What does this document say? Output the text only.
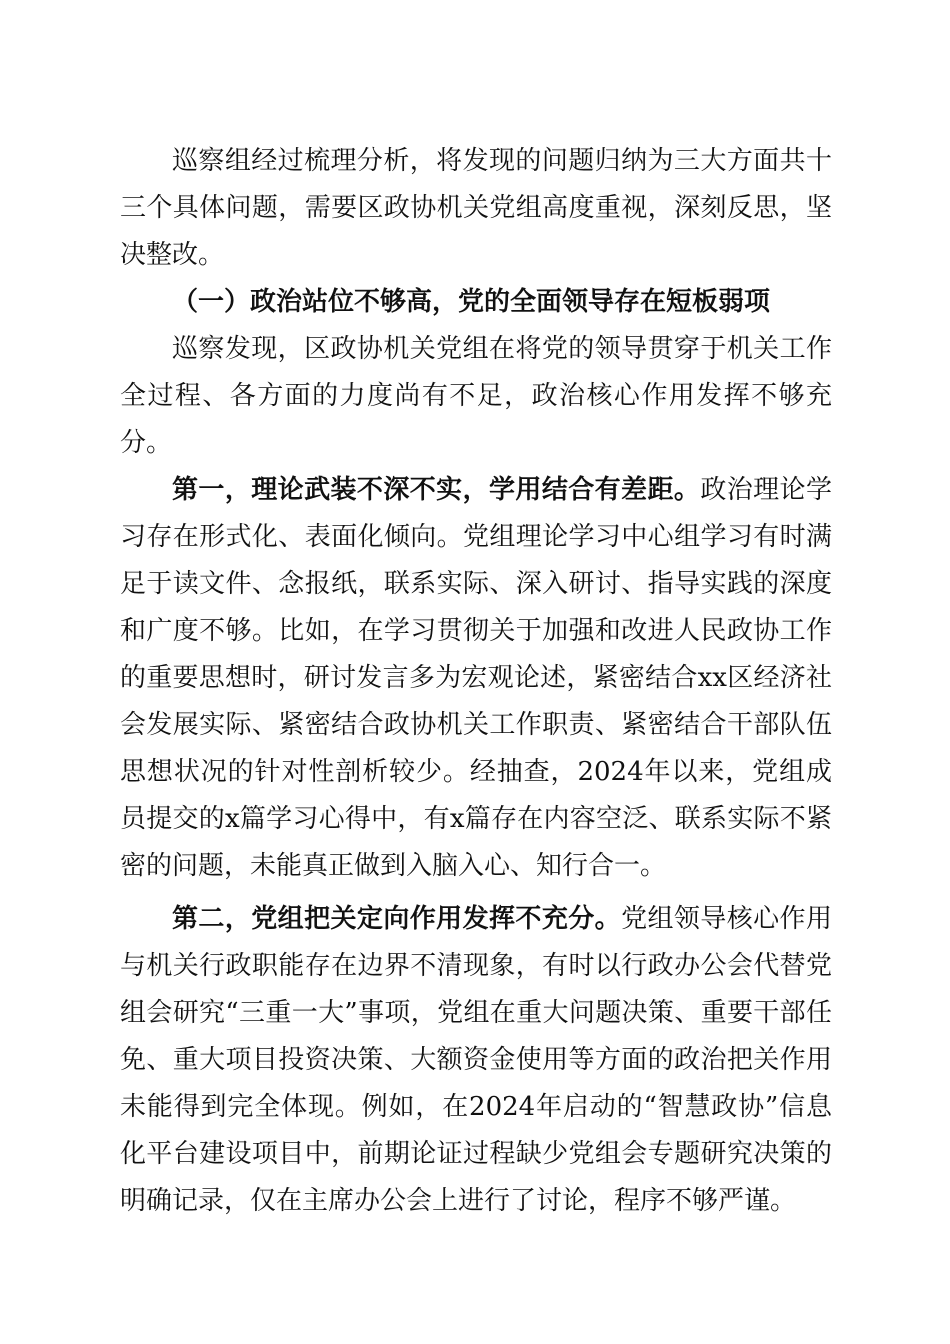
巡察组经过梳理分析，将发现的问题归纳为三大方面共十三个具体问题，需要区政协机关党组高度重视，深刻反思，坚决整改。

（一）政治站位不够高，党的全面领导存在短板弱项

巡察发现，区政协机关党组在将党的领导贯穿于机关工作全过程、各方面的力度尚有不足，政治核心作用发挥不够充分。

第一，理论武装不深不实，学用结合有差距。政治理论学习存在形式化、表面化倾向。党组理论学习中心组学习有时满足于读文件、念报纸，联系实际、深入研讨、指导实践的深度和广度不够。比如，在学习贯彻关于加强和改进人民政协工作的重要思想时，研讨发言多为宏观论述，紧密结合xx区经济社会发展实际、紧密结合政协机关工作职责、紧密结合干部队伍思想状况的针对性剖析较少。经抽查，2024年以来，党组成员提交的x篇学习心得中，有x篇存在内容空泛、联系实际不紧密的问题，未能真正做到入脑入心、知行合一。

第二，党组把关定向作用发挥不充分。党组领导核心作用与机关行政职能存在边界不清现象，有时以行政办公会代替党组会研究“三重一大”事项，党组在重大问题决策、重要干部任免、重大项目投资决策、大额资金使用等方面的政治把关作用未能得到完全体现。例如，在2024年启动的“智慧政协”信息化平台建设项目中，前期论证过程缺少党组会专题研究决策的明确记录，仅在主席办公会上进行了讨论，程序不够严谨。
